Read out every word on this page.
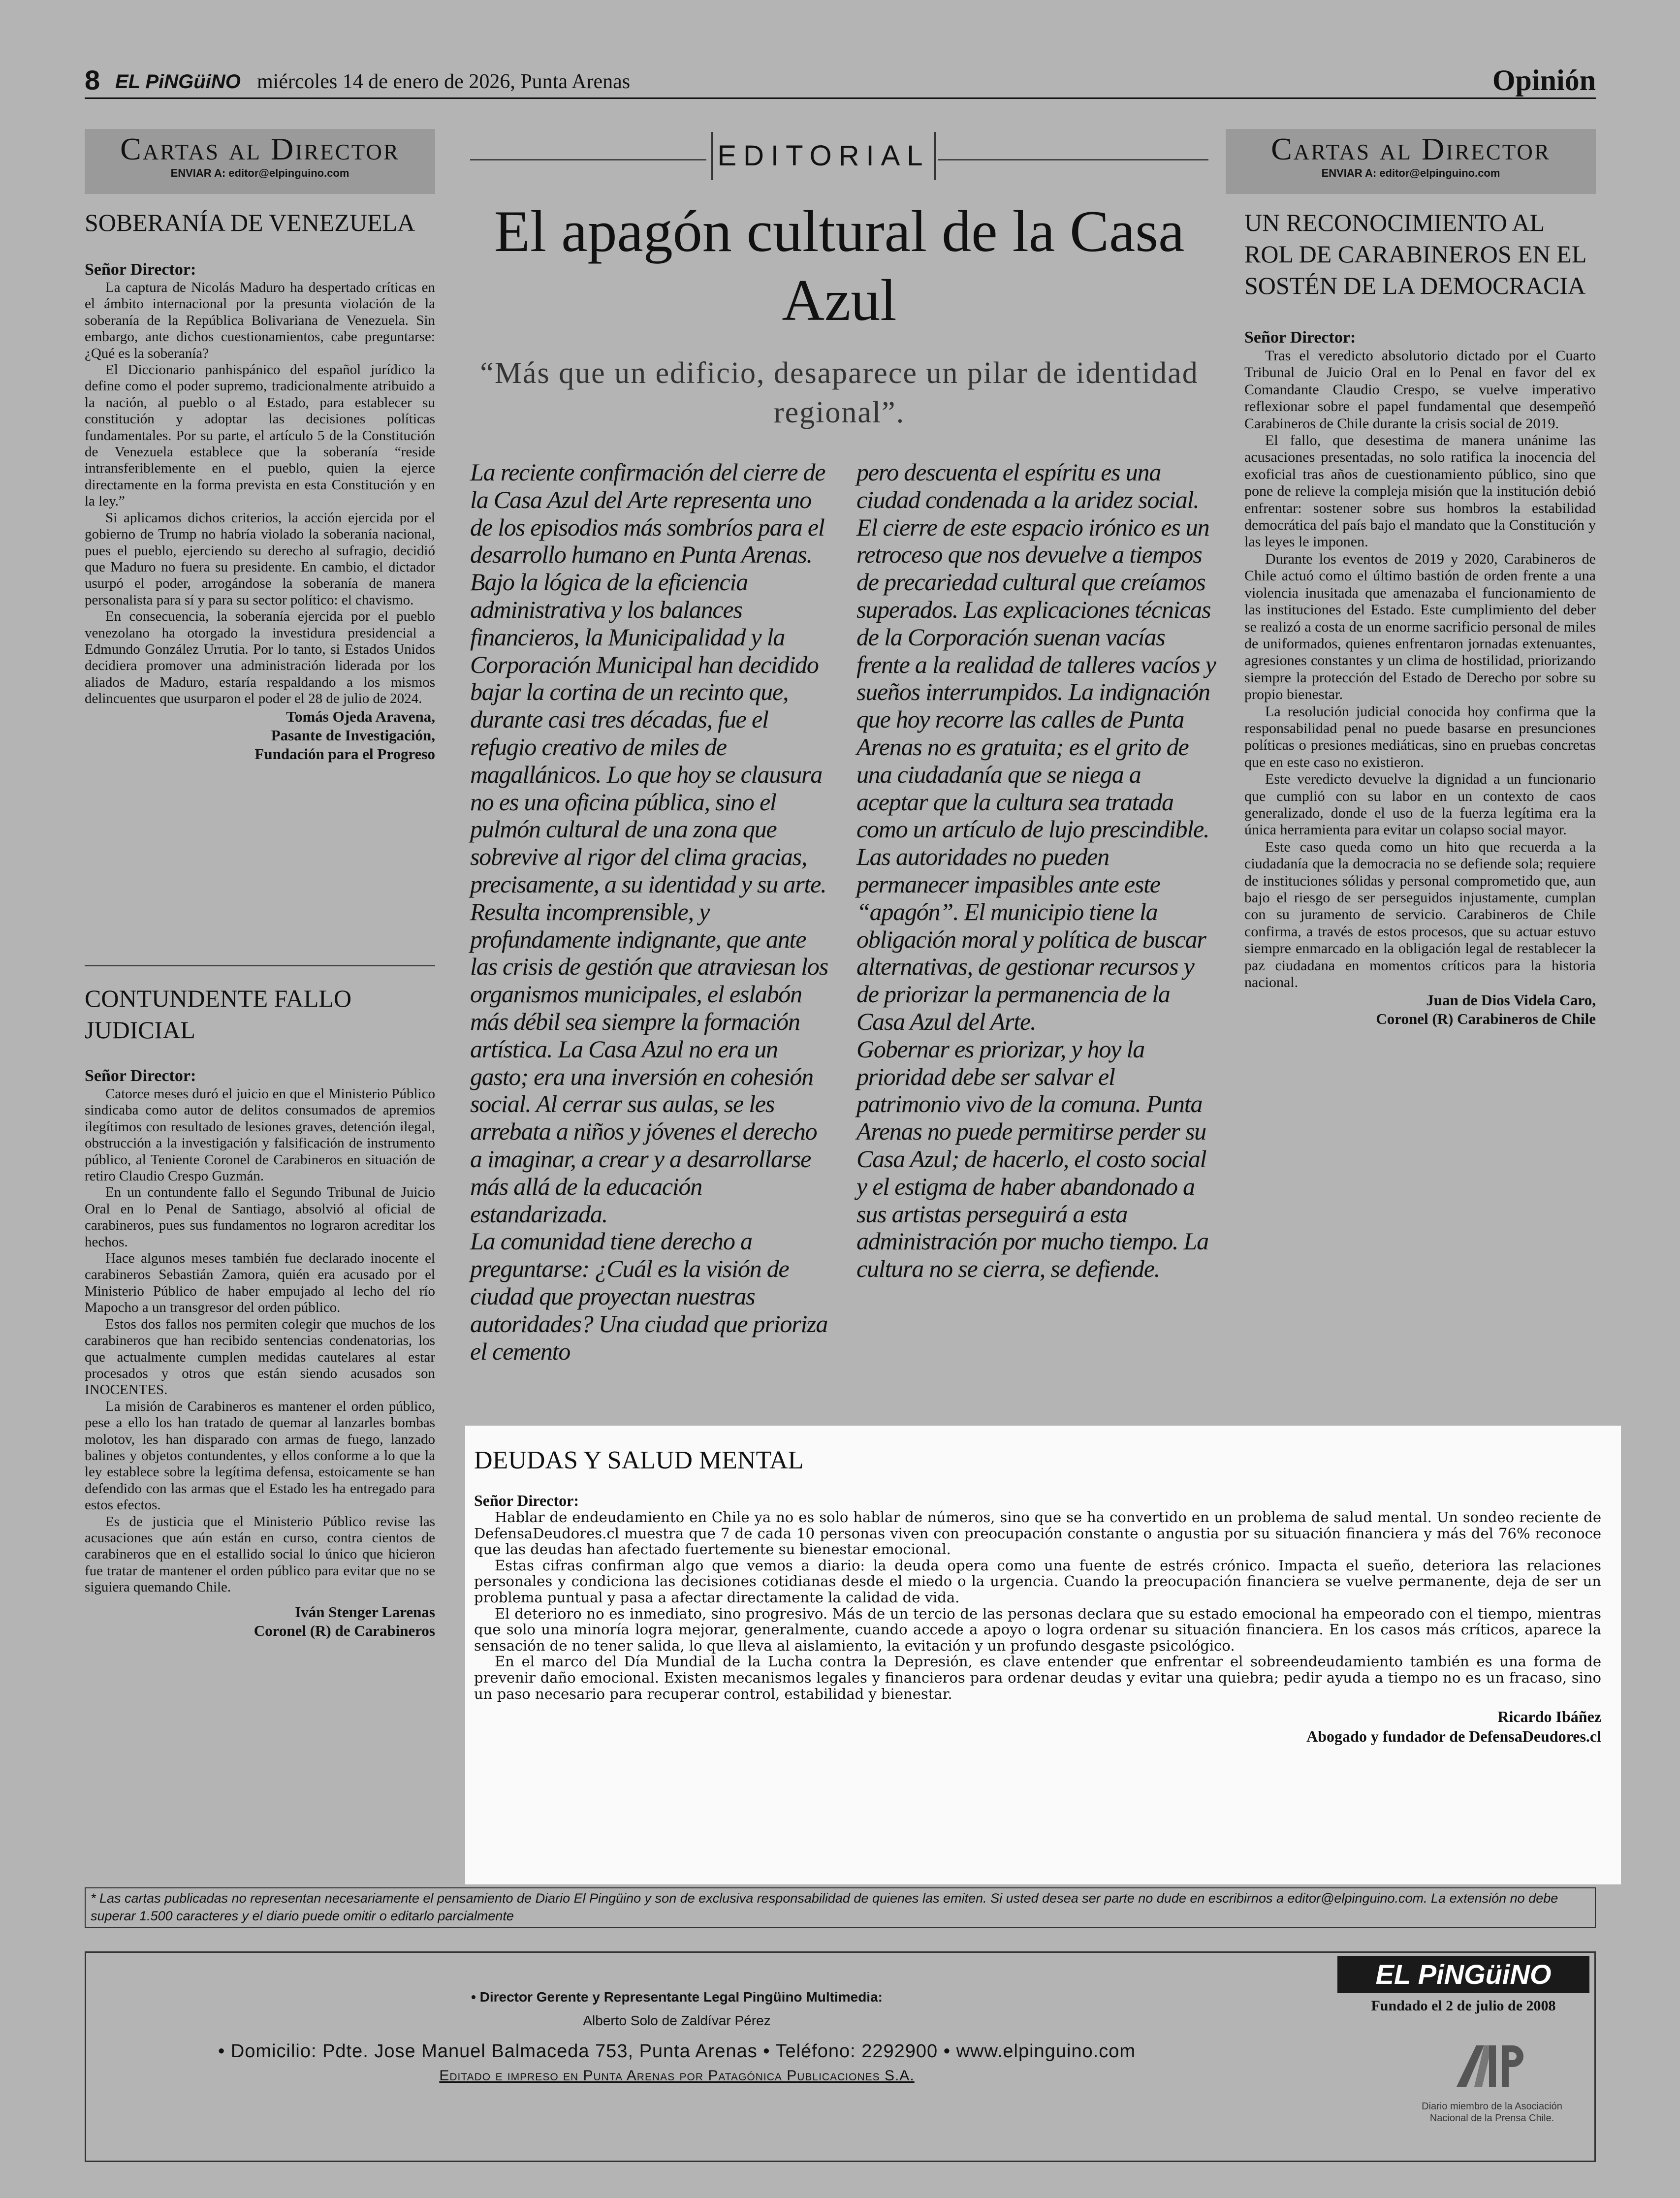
8 EL PiNGüiNO miércoles 14 de enero de 2026, Punta Arenas	Opinión
Cartas al Director
ENVIAR A: editor@elpinguino.com
SOBERANÍA DE VENEZUELA
Señor Director:

La captura de Nicolás Maduro ha despertado críticas en el ámbito internacional por la presunta violación de la soberanía de la República Bolivariana de Venezuela. Sin embargo, ante dichos cuestionamientos, cabe preguntarse: ¿Qué es la soberanía?

El Diccionario panhispánico del español jurídico la define como el poder supremo, tradicionalmente atribuido a la nación, al pueblo o al Estado, para establecer su constitución y adoptar las decisiones políticas fundamentales. Por su parte, el artículo 5 de la Constitución de Venezuela establece que la soberanía “reside intransferiblemente en el pueblo, quien la ejerce directamente en la forma prevista en esta Constitución y en la ley.”

Si aplicamos dichos criterios, la acción ejercida por el gobierno de Trump no habría violado la soberanía nacional, pues el pueblo, ejerciendo su derecho al sufragio, decidió que Maduro no fuera su presidente. En cambio, el dictador usurpó el poder, arrogándose la soberanía de manera personalista para sí y para su sector político: el chavismo.

En consecuencia, la soberanía ejercida por el pueblo venezolano ha otorgado la investidura presidencial a Edmundo González Urrutia. Por lo tanto, si Estados Unidos decidiera promover una administración liderada por los aliados de Maduro, estaría respaldando a los mismos delincuentes que usurparon el poder el 28 de julio de 2024.

Tomás Ojeda Aravena,
Pasante de Investigación,
Fundación para el Progreso
CONTUNDENTE FALLO JUDICIAL
Señor Director:

Catorce meses duró el juicio en que el Ministerio Público sindicaba como autor de delitos consumados de apremios ilegítimos con resultado de lesiones graves, detención ilegal, obstrucción a la investigación y falsificación de instrumento público, al Teniente Coronel de Carabineros en situación de retiro Claudio Crespo Guzmán.

En un contundente fallo el Segundo Tribunal de Juicio Oral en lo Penal de Santiago, absolvió al oficial de carabineros, pues sus fundamentos no lograron acreditar los hechos.

Hace algunos meses también fue declarado inocente el carabineros Sebastián Zamora, quién era acusado por el Ministerio Público de haber empujado al lecho del río Mapocho a un transgresor del orden público.

Estos dos fallos nos permiten colegir que muchos de los carabineros que han recibido sentencias condenatorias, los que actualmente cumplen medidas cautelares al estar procesados y otros que están siendo acusados son INOCENTES.

La misión de Carabineros es mantener el orden público, pese a ello los han tratado de quemar al lanzarles bombas molotov, les han disparado con armas de fuego, lanzado balines y objetos contundentes, y ellos conforme a lo que la ley establece sobre la legítima defensa, estoicamente se han defendido con las armas que el Estado les ha entregado para estos efectos.

Es de justicia que el Ministerio Público revise las acusaciones que aún están en curso, contra cientos de carabineros que en el estallido social lo único que hicieron fue tratar de mantener el orden público para evitar que no se siguiera quemando Chile.

Iván Stenger Larenas
Coronel (R) de Carabineros
EDITORIAL
El apagón cultural de la Casa Azul
“Más que un edificio, desaparece un pilar de identidad regional”.

La reciente confirmación del cierre de la Casa Azul del Arte representa uno de los episodios más sombríos para el desarrollo humano en Punta Arenas. Bajo la lógica de la eficiencia administrativa y los balances financieros, la Municipalidad y la Corporación Municipal han decidido bajar la cortina de un recinto que, durante casi tres décadas, fue el refugio creativo de miles de magallánicos. Lo que hoy se clausura no es una oficina pública, sino el pulmón cultural de una zona que sobrevive al rigor del clima gracias, precisamente, a su identidad y su arte.

Resulta incomprensible, y profundamente indignante, que ante las crisis de gestión que atraviesan los organismos municipales, el eslabón más débil sea siempre la formación artística. La Casa Azul no era un gasto; era una inversión en cohesión social. Al cerrar sus aulas, se les arrebata a niños y jóvenes el derecho a imaginar, a crear y a desarrollarse más allá de la educación estandarizada.

La comunidad tiene derecho a preguntarse: ¿Cuál es la visión de ciudad que proyectan nuestras autoridades? Una ciudad que prioriza el cemento

pero descuenta el espíritu es una ciudad condenada a la aridez social. El cierre de este espacio irónico es un retroceso que nos devuelve a tiempos de precariedad cultural que creíamos superados. Las explicaciones técnicas de la Corporación suenan vacías frente a la realidad de talleres vacíos y sueños interrumpidos. La indignación que hoy recorre las calles de Punta Arenas no es gratuita; es el grito de una ciudadanía que se niega a aceptar que la cultura sea tratada como un artículo de lujo prescindible.

Las autoridades no pueden permanecer impasibles ante este “apagón”. El municipio tiene la obligación moral y política de buscar alternativas, de gestionar recursos y de priorizar la permanencia de la Casa Azul del Arte.

Gobernar es priorizar, y hoy la prioridad debe ser salvar el patrimonio vivo de la comuna. Punta Arenas no puede permitirse perder su Casa Azul; de hacerlo, el costo social y el estigma de haber abandonado a sus artistas perseguirá a esta administración por mucho tiempo. La cultura no se cierra, se defiende.

Cartas al Director
ENVIAR A: editor@elpinguino.com
UN RECONOCIMIENTO AL ROL DE CARABINEROS EN EL SOSTÉN DE LA DEMOCRACIA
Señor Director:

Tras el veredicto absolutorio dictado por el Cuarto Tribunal de Juicio Oral en lo Penal en favor del ex Comandante Claudio Crespo, se vuelve imperativo reflexionar sobre el papel fundamental que desempeñó Carabineros de Chile durante la crisis social de 2019.

El fallo, que desestima de manera unánime las acusaciones presentadas, no solo ratifica la inocencia del exoficial tras años de cuestionamiento público, sino que pone de relieve la compleja misión que la institución debió enfrentar: sostener sobre sus hombros la estabilidad democrática del país bajo el mandato que la Constitución y las leyes le imponen.

Durante los eventos de 2019 y 2020, Carabineros de Chile actuó como el último bastión de orden frente a una violencia inusitada que amenazaba el funcionamiento de las instituciones del Estado. Este cumplimiento del deber se realizó a costa de un enorme sacrificio personal de miles de uniformados, quienes enfrentaron jornadas extenuantes, agresiones constantes y un clima de hostilidad, priorizando siempre la protección del Estado de Derecho por sobre su propio bienestar.

La resolución judicial conocida hoy confirma que la responsabilidad penal no puede basarse en presunciones políticas o presiones mediáticas, sino en pruebas concretas que en este caso no existieron.

Este veredicto devuelve la dignidad a un funcionario que cumplió con su labor en un contexto de caos generalizado, donde el uso de la fuerza legítima era la única herramienta para evitar un colapso social mayor.

Este caso queda como un hito que recuerda a la ciudadanía que la democracia no se defiende sola; requiere de instituciones sólidas y personal comprometido que, aun bajo el riesgo de ser perseguidos injustamente, cumplan con su juramento de servicio. Carabineros de Chile confirma, a través de estos procesos, que su actuar estuvo siempre enmarcado en la obligación legal de restablecer la paz ciudadana en momentos críticos para la historia nacional.

Juan de Dios Videla Caro,
Coronel (R) Carabineros de Chile
DEUDAS Y SALUD MENTAL
Señor Director:

Hablar de endeudamiento en Chile ya no es solo hablar de números, sino que se ha convertido en un problema de salud mental. Un sondeo reciente de DefensaDeudores.cl muestra que 7 de cada 10 personas viven con preocupación constante o angustia por su situación financiera y más del 76% reconoce que las deudas han afectado fuertemente su bienestar emocional.

Estas cifras confirman algo que vemos a diario: la deuda opera como una fuente de estrés crónico. Impacta el sueño, deteriora las relaciones personales y condiciona las decisiones cotidianas desde el miedo o la urgencia. Cuando la preocupación financiera se vuelve permanente, deja de ser un problema puntual y pasa a afectar directamente la calidad de vida.

El deterioro no es inmediato, sino progresivo. Más de un tercio de las personas declara que su estado emocional ha empeorado con el tiempo, mientras que solo una minoría logra mejorar, generalmente, cuando accede a apoyo o logra ordenar su situación financiera. En los casos más críticos, aparece la sensación de no tener salida, lo que lleva al aislamiento, la evitación y un profundo desgaste psicológico.

En el marco del Día Mundial de la Lucha contra la Depresión, es clave entender que enfrentar el sobreendeudamiento también es una forma de prevenir daño emocional. Existen mecanismos legales y financieros para ordenar deudas y evitar una quiebra; pedir ayuda a tiempo no es un fracaso, sino un paso necesario para recuperar control, estabilidad y bienestar.

Ricardo Ibáñez
Abogado y fundador de DefensaDeudores.cl
* Las cartas publicadas no representan necesariamente el pensamiento de Diario El Pingüino y son de exclusiva responsabilidad de quienes las emiten. Si usted desea ser parte no dude en escribirnos a editor@elpinguino.com. La extensión no debe superar 1.500 caracteres y el diario puede omitir o editarlo parcialmente
• Director Gerente y Representante Legal Pingüino Multimedia:
Alberto Solo de Zaldívar Pérez
• Domicilio: Pdte. Jose Manuel Balmaceda 753, Punta Arenas • Teléfono: 2292900 • www.elpinguino.com
Editado e impreso en Punta Arenas por Patagónica Publicaciones S.A.
EL PiNGüiNO
Fundado el 2 de julio de 2008
Diario miembro de la Asociación
Nacional de la Prensa Chile.
